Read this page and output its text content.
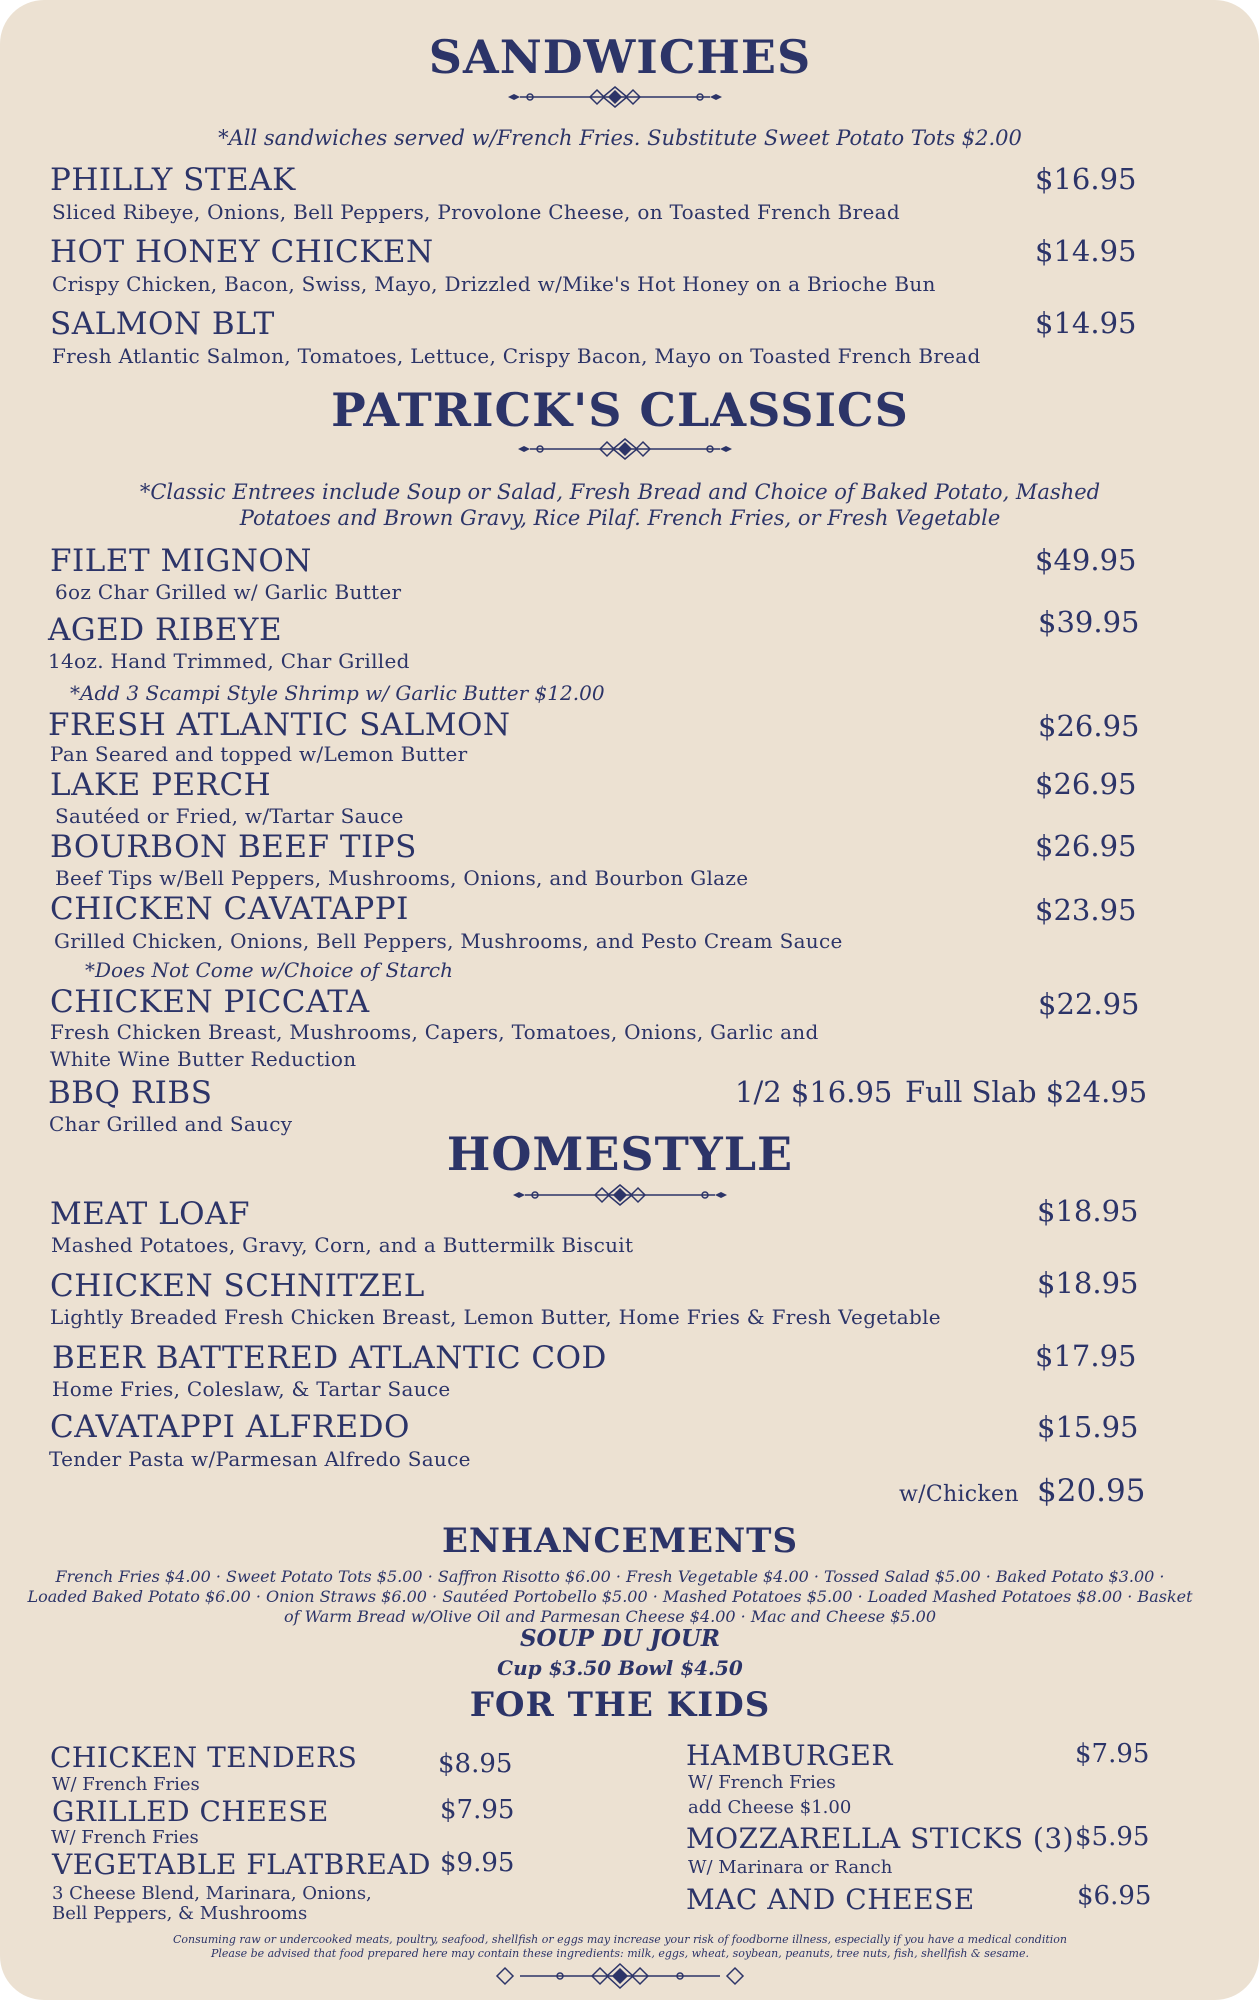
SANDWICHES
*All sandwiches served w/French Fries. Substitute Sweet Potato Tots $2.00
PHILLY STEAK	$16.95
Sliced Ribeye, Onions, Bell Peppers, Provolone Cheese, on Toasted French Bread
HOT HONEY CHICKEN	$14.95
Crispy Chicken, Bacon, Swiss, Mayo, Drizzled w/Mike's Hot Honey on a Brioche Bun
SALMON BLT	$14.95
Fresh Atlantic Salmon, Tomatoes, Lettuce, Crispy Bacon, Mayo on Toasted French Bread
PATRICK'S CLASSICS
*Classic Entrees include Soup or Salad, Fresh Bread and Choice of Baked Potato, Mashed
Potatoes and Brown Gravy, Rice Pilaf. French Fries, or Fresh Vegetable
FILET MIGNON	$49.95
6oz Char Grilled w/ Garlic Butter
AGED RIBEYE	$39.95
14oz. Hand Trimmed, Char Grilled
*Add 3 Scampi Style Shrimp w/ Garlic Butter $12.00
FRESH ATLANTIC SALMON	$26.95
Pan Seared and topped w/Lemon Butter
LAKE PERCH	$26.95
Sautéed or Fried, w/Tartar Sauce
BOURBON BEEF TIPS	$26.95
Beef Tips w/Bell Peppers, Mushrooms, Onions, and Bourbon Glaze
CHICKEN CAVATAPPI	$23.95
Grilled Chicken, Onions, Bell Peppers, Mushrooms, and Pesto Cream Sauce
*Does Not Come w/Choice of Starch
CHICKEN PICCATA	$22.95
Fresh Chicken Breast, Mushrooms, Capers, Tomatoes, Onions, Garlic and
White Wine Butter Reduction
BBQ RIBS	1/2 $16.95 Full Slab $24.95
Char Grilled and Saucy
HOMESTYLE
MEAT LOAF	$18.95
Mashed Potatoes, Gravy, Corn, and a Buttermilk Biscuit
CHICKEN SCHNITZEL	$18.95
Lightly Breaded Fresh Chicken Breast, Lemon Butter, Home Fries & Fresh Vegetable
BEER BATTERED ATLANTIC COD	$17.95
Home Fries, Coleslaw, & Tartar Sauce
CAVATAPPI ALFREDO	$15.95
Tender Pasta w/Parmesan Alfredo Sauce
w/Chicken $20.95
ENHANCEMENTS
French Fries $4.00 · Sweet Potato Tots $5.00 · Saffron Risotto $6.00 · Fresh Vegetable $4.00 · Tossed Salad $5.00 · Baked Potato $3.00 ·
Loaded Baked Potato $6.00 · Onion Straws $6.00 · Sautéed Portobello $5.00 · Mashed Potatoes $5.00 · Loaded Mashed Potatoes $8.00 · Basket
of Warm Bread w/Olive Oil and Parmesan Cheese $4.00 · Mac and Cheese $5.00
SOUP DU JOUR
Cup $3.50 Bowl $4.50
FOR THE KIDS
CHICKEN TENDERS	$8.95
W/ French Fries
GRILLED CHEESE	$7.95
W/ French Fries
VEGETABLE FLATBREAD $9.95
3 Cheese Blend, Marinara, Onions,
Bell Peppers, & Mushrooms
HAMBURGER	$7.95
W/ French Fries
add Cheese $1.00
MOZZARELLA STICKS (3) $5.95
W/ Marinara or Ranch
MAC AND CHEESE	$6.95
Consuming raw or undercooked meats, poultry, seafood, shellfish or eggs may increase your risk of foodborne illness, especially if you have a medical condition
Please be advised that food prepared here may contain these ingredients: milk, eggs, wheat, soybean, peanuts, tree nuts, fish, shellfish & sesame.
